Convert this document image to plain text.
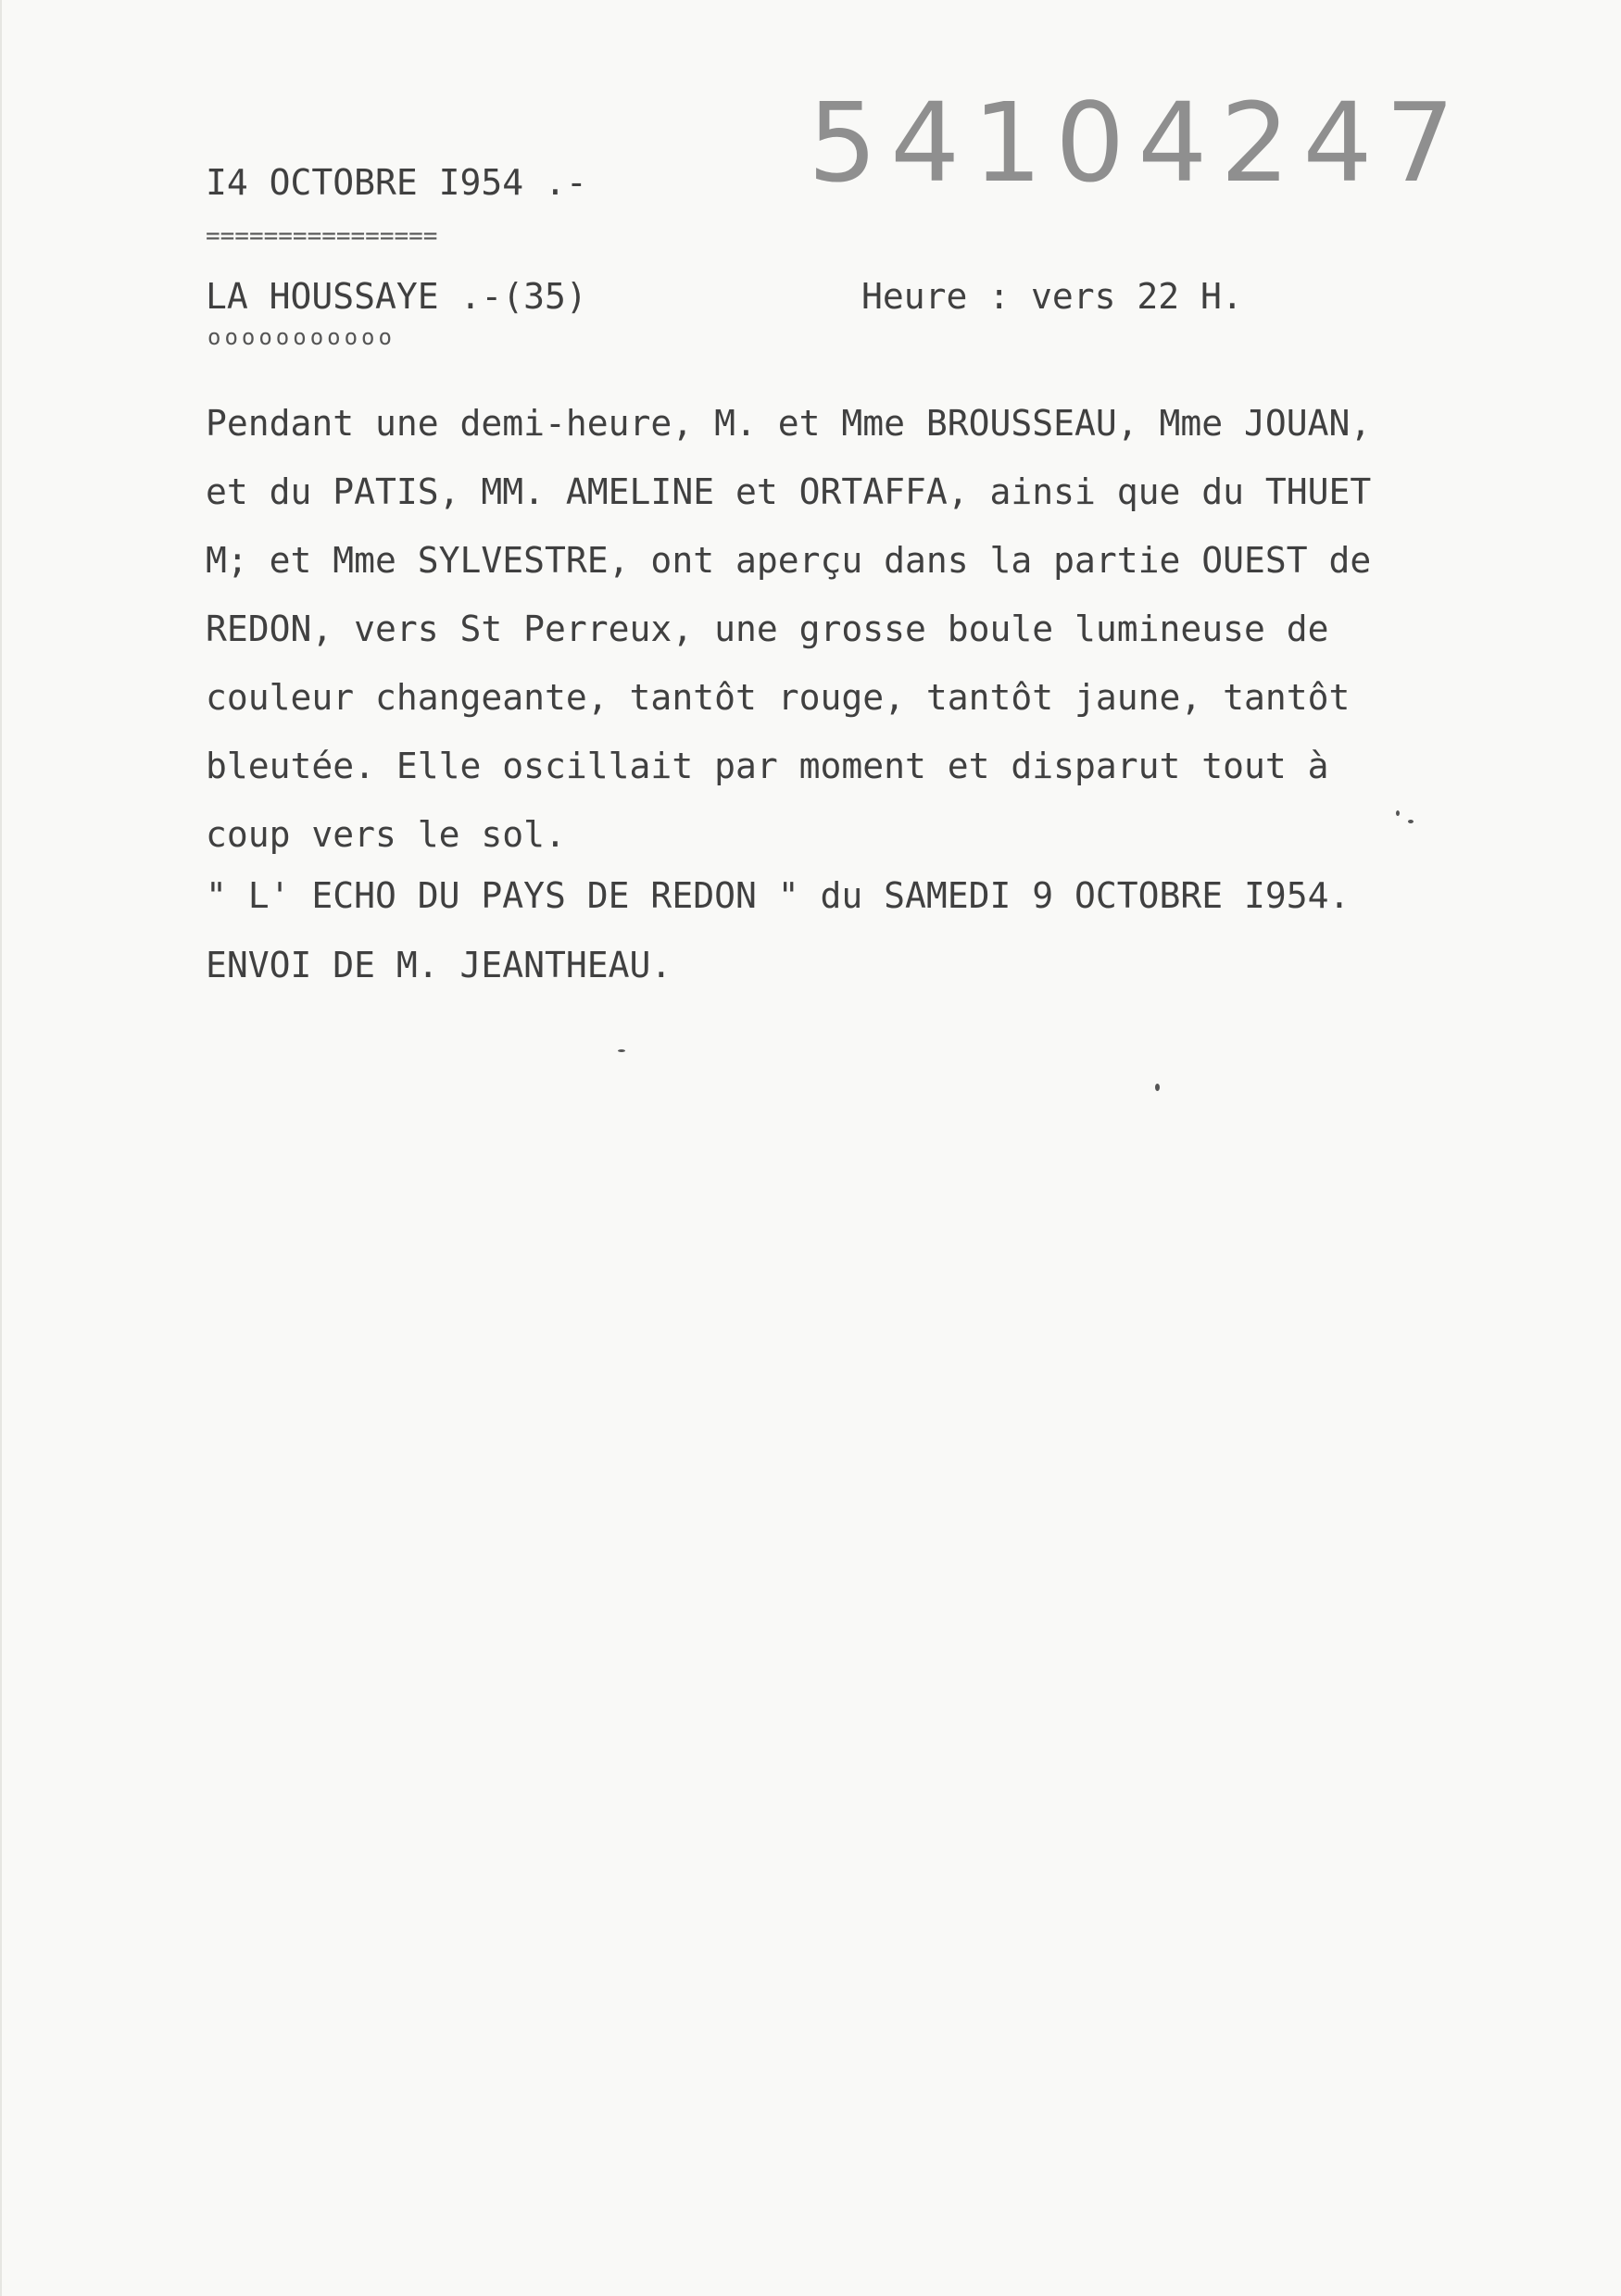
54104247
I4 OCTOBRE I954 .-
================
LA HOUSSAYE .-(35)	Heure : vers 22 H.
ooooooooooo
Pendant une demi-heure, M. et Mme BROUSSEAU, Mme JOUAN,
et du PATIS, MM. AMELINE et ORTAFFA, ainsi que du THUET
M; et Mme SYLVESTRE, ont aperçu dans la partie OUEST de
REDON, vers St Perreux, une grosse boule lumineuse de
couleur changeante, tantôt rouge, tantôt jaune, tantôt
bleutée. Elle oscillait par moment et disparut tout à
coup vers le sol.
" L' ECHO DU PAYS DE REDON " du SAMEDI 9 OCTOBRE I954.
ENVOI DE M. JEANTHEAU.
